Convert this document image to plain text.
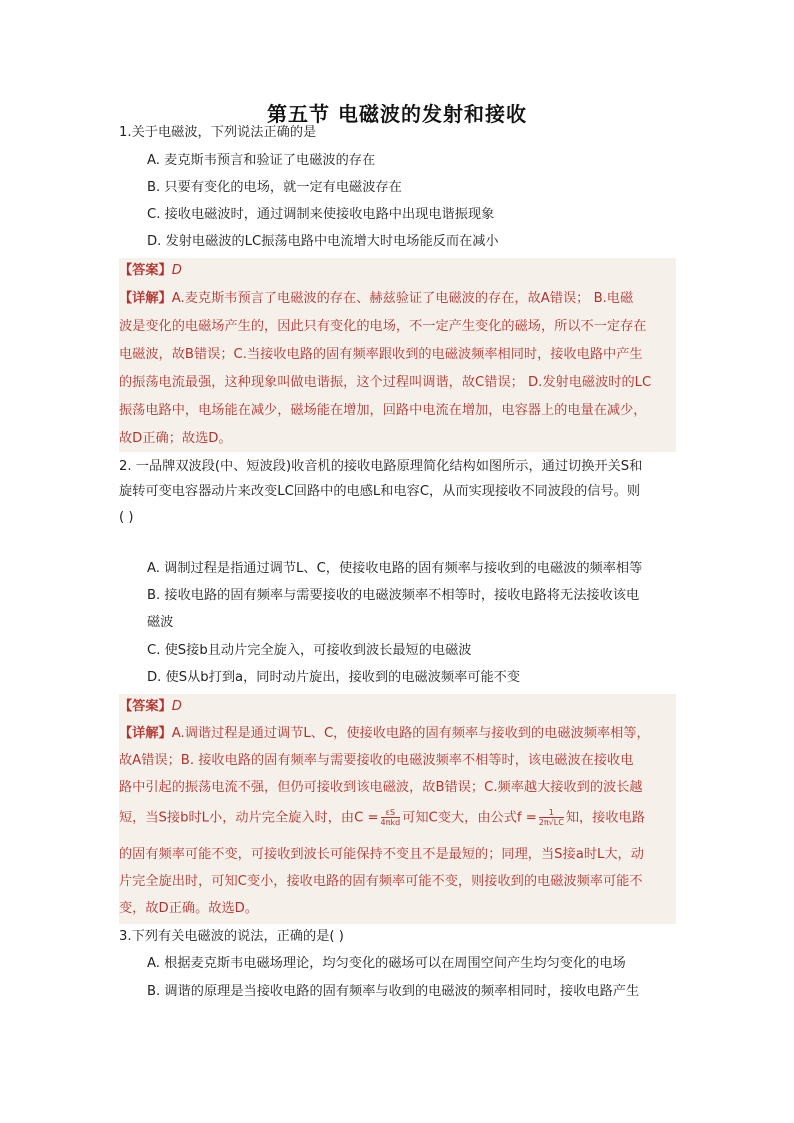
第五节 电磁波的发射和接收
1.关于电磁波，下列说法正确的是
A. 麦克斯韦预言和验证了电磁波的存在
B. 只要有变化的电场，就一定有电磁波存在
C. 接收电磁波时，通过调制来使接收电路中出现电谐振现象
D. 发射电磁波的LC振荡电路中电流增大时电场能反而在减小
【答案】D
【详解】A.麦克斯韦预言了电磁波的存在、赫兹验证了电磁波的存在，故A错误； B.电磁
波是变化的电磁场产生的，因此只有变化的电场，不一定产生变化的磁场，所以不一定存在
电磁波，故B错误；C.当接收电路的固有频率跟收到的电磁波频率相同时，接收电路中产生
的振荡电流最强，这种现象叫做电谐振，这个过程叫调谐，故C错误； D.发射电磁波时的LC
振荡电路中，电场能在减少，磁场能在增加，回路中电流在增加，电容器上的电量在减少，
故D正确；故选D。
2. 一品牌双波段(中、短波段)收音机的接收电路原理简化结构如图所示，通过切换开关S和
旋转可变电容器动片来改变LC回路中的电感L和电容C，从而实现接收不同波段的信号。则
( )
A. 调制过程是指通过调节L、C，使接收电路的固有频率与接收到的电磁波的频率相等
B. 接收电路的固有频率与需要接收的电磁波频率不相等时，接收电路将无法接收该电
磁波
C. 使S接b且动片完全旋入，可接收到波长最短的电磁波
D. 使S从b打到a，同时动片旋出，接收到的电磁波频率可能不变
【答案】D
【详解】A.调谐过程是通过调节L、C，使接收电路的固有频率与接收到的电磁波频率相等，
故A错误；B. 接收电路的固有频率与需要接收的电磁波频率不相等时，该电磁波在接收电
路中引起的振荡电流不强，但仍可接收到该电磁波，故B错误；C.频率越大接收到的波长越
短，当S接b时L小，动片完全旋入时，由$C = \frac{\varepsilon S}{\text{4πkd}}$ 可知C变大，由公式$f = \frac{1}{2\pi√LC}$ 知，接收电路
的固有频率可能不变，可接收到波长可能保持不变且不是最短的；同理，当S接a时L大，动
片完全旋出时，可知C变小，接收电路的固有频率可能不变，则接收到的电磁波频率可能不
变，故D正确。故选D。
3.下列有关电磁波的说法，正确的是( )
A. 根据麦克斯韦电磁场理论，均匀变化的磁场可以在周围空间产生均匀变化的电场
B. 调谐的原理是当接收电路的固有频率与收到的电磁波的频率相同时，接收电路产生
